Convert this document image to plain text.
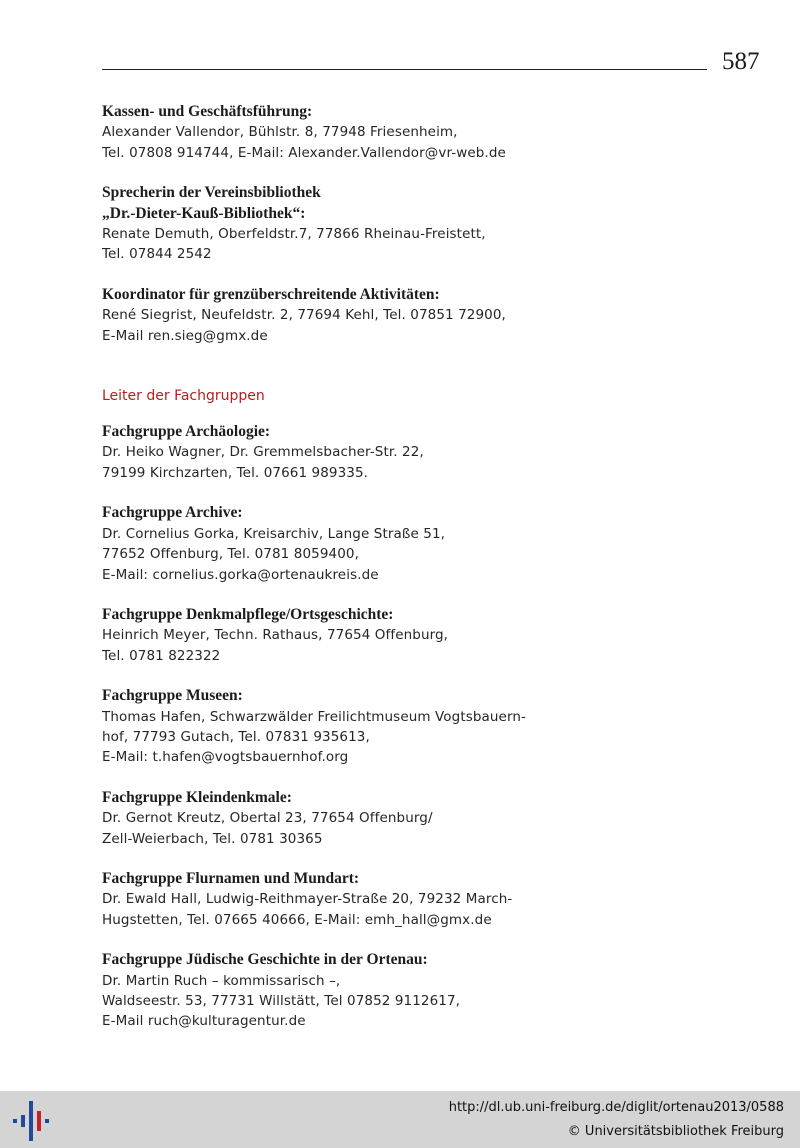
587
Kassen- und Geschäftsführung:
Alexander Vallendor, Bühlstr. 8, 77948 Friesenheim,
Tel. 07808 914744, E-Mail: Alexander.Vallendor@vr-web.de
Sprecherin der Vereinsbibliothek
„Dr.-Dieter-Kauß-Bibliothek“:
Renate Demuth, Oberfeldstr.7, 77866 Rheinau-Freistett,
Tel. 07844 2542
Koordinator für grenzüberschreitende Aktivitäten:
René Siegrist, Neufeldstr. 2, 77694 Kehl, Tel. 07851 72900,
E-Mail ren.sieg@gmx.de
Leiter der Fachgruppen
Fachgruppe Archäologie:
Dr. Heiko Wagner, Dr. Gremmelsbacher-Str. 22,
79199 Kirchzarten, Tel. 07661 989335.
Fachgruppe Archive:
Dr. Cornelius Gorka, Kreisarchiv, Lange Straße 51,
77652 Offenburg, Tel. 0781 8059400,
E-Mail: cornelius.gorka@ortenaukreis.de
Fachgruppe Denkmalpflege/Ortsgeschichte:
Heinrich Meyer, Techn. Rathaus, 77654 Offenburg,
Tel. 0781 822322
Fachgruppe Museen:
Thomas Hafen, Schwarzwälder Freilichtmuseum Vogtsbauern-
hof, 77793 Gutach, Tel. 07831 935613,
E-Mail: t.hafen@vogtsbauernhof.org
Fachgruppe Kleindenkmale:
Dr. Gernot Kreutz, Obertal 23, 77654 Offenburg/
Zell-Weierbach, Tel. 0781 30365
Fachgruppe Flurnamen und Mundart:
Dr. Ewald Hall, Ludwig-Reithmayer-Straße 20, 79232 March-
Hugstetten, Tel. 07665 40666, E-Mail: emh_hall@gmx.de
Fachgruppe Jüdische Geschichte in der Ortenau:
Dr. Martin Ruch – kommissarisch –,
Waldseestr. 53, 77731 Willstätt, Tel 07852 9112617,
E-Mail ruch@kulturagentur.de
http://dl.ub.uni-freiburg.de/diglit/ortenau2013/0588
© Universitätsbibliothek Freiburg
